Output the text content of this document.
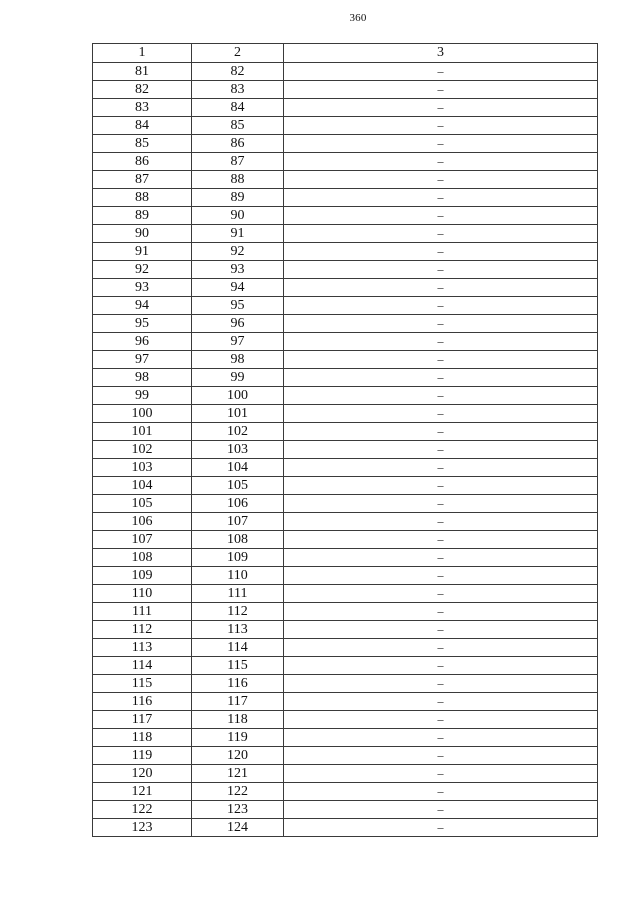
360
1	2	3
81	82	–
82	83	–
83	84	–
84	85	–
85	86	–
86	87	–
87	88	–
88	89	–
89	90	–
90	91	–
91	92	–
92	93	–
93	94	–
94	95	–
95	96	–
96	97	–
97	98	–
98	99	–
99	100	–
100	101	–
101	102	–
102	103	–
103	104	–
104	105	–
105	106	–
106	107	–
107	108	–
108	109	–
109	110	–
110	111	–
111	112	–
112	113	–
113	114	–
114	115	–
115	116	–
116	117	–
117	118	–
118	119	–
119	120	–
120	121	–
121	122	–
122	123	–
123	124	–
